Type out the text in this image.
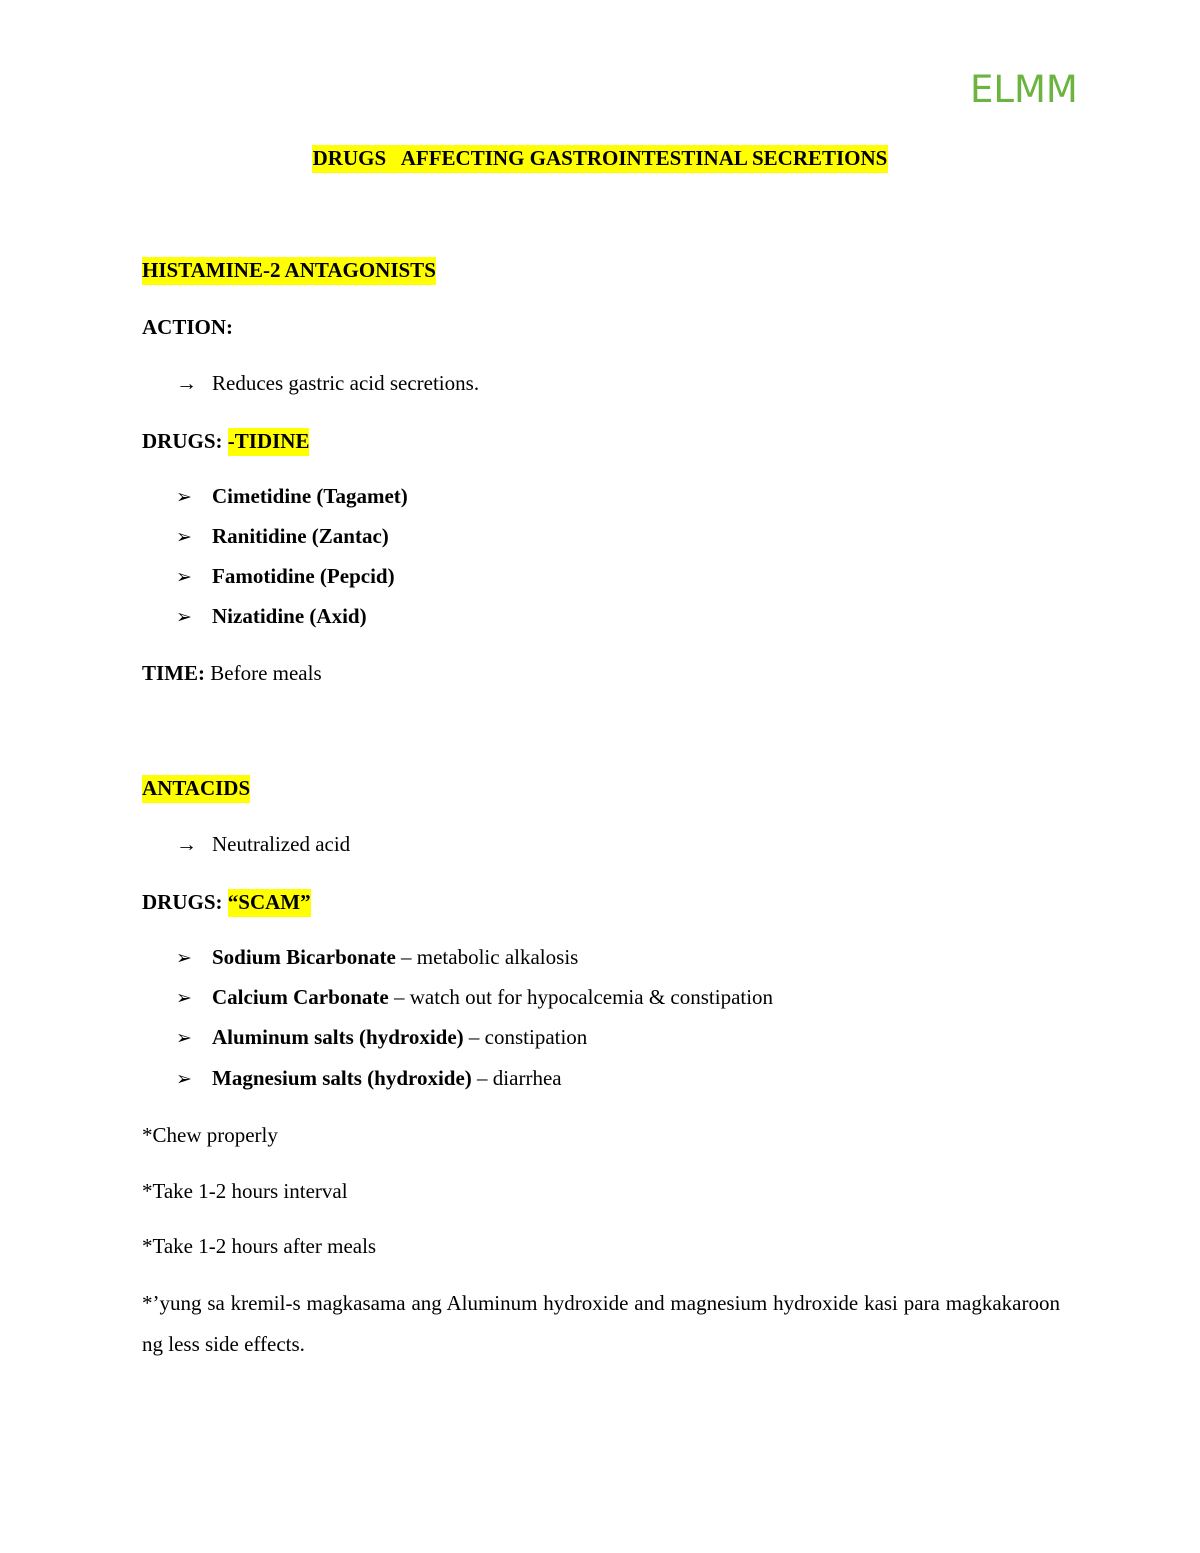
ELMM
DRUGS   AFFECTING GASTROINTESTINAL SECRETIONS
HISTAMINE-2 ANTAGONISTS
ACTION:
→ Reduces gastric acid secretions.
DRUGS: -TIDINE
➢ Cimetidine (Tagamet)
➢ Ranitidine (Zantac)
➢ Famotidine (Pepcid)
➢ Nizatidine (Axid)
TIME: Before meals
ANTACIDS
→ Neutralized acid
DRUGS: “SCAM”
➢ Sodium Bicarbonate – metabolic alkalosis
➢ Calcium Carbonate – watch out for hypocalcemia & constipation
➢ Aluminum salts (hydroxide) – constipation
➢ Magnesium salts (hydroxide) – diarrhea
*Chew properly
*Take 1-2 hours interval
*Take 1-2 hours after meals

*’yung sa kremil-s magkasama ang Aluminum hydroxide and magnesium hydroxide kasi para magkakaroon ng less side effects.
